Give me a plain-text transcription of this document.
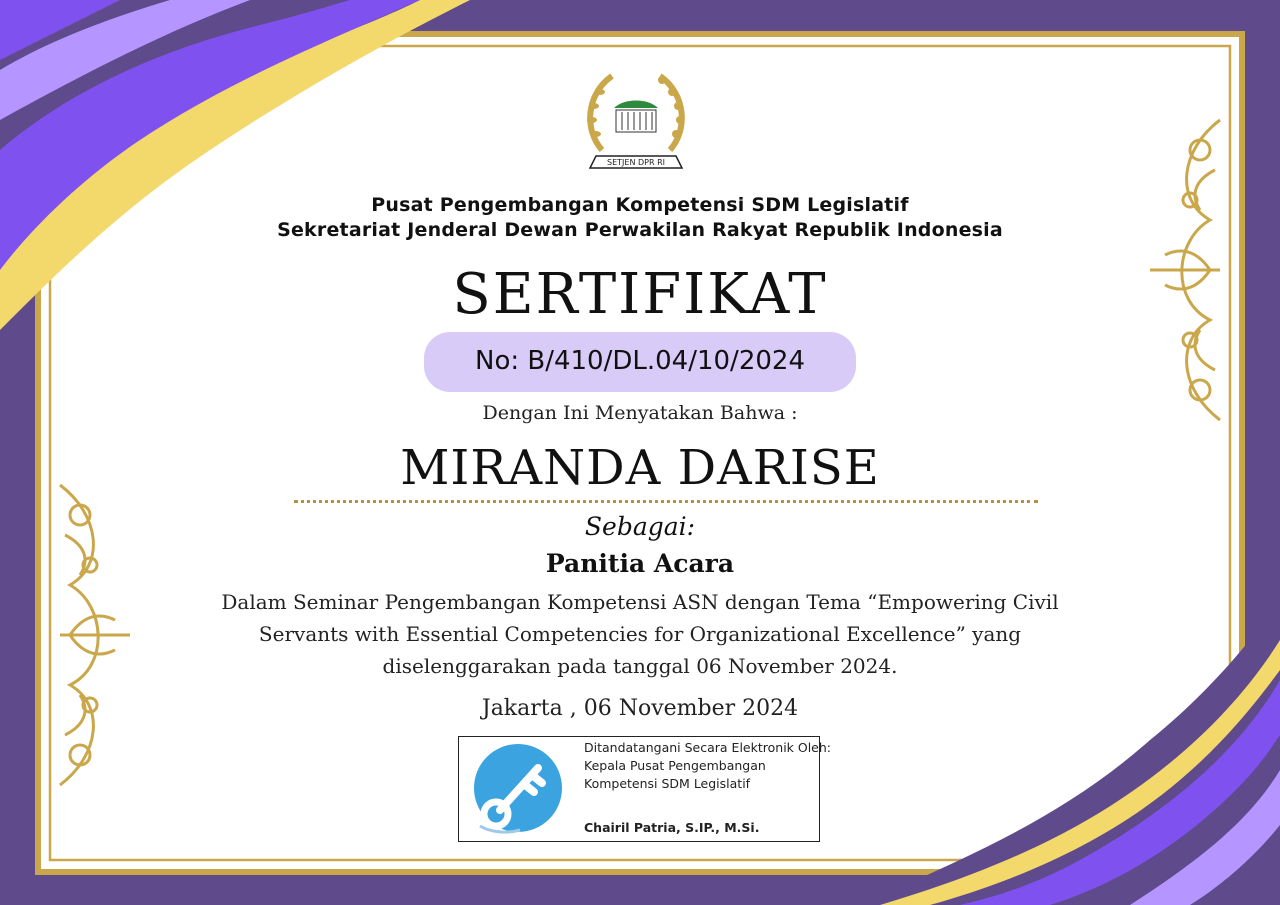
SETJEN DPR RI
Pusat Pengembangan Kompetensi SDM Legislatif
Sekretariat Jenderal Dewan Perwakilan Rakyat Republik Indonesia
SERTIFIKAT
No: B/410/DL.04/10/2024
Dengan Ini Menyatakan Bahwa :
MIRANDA DARISE
Sebagai:
Panitia Acara
Dalam Seminar Pengembangan Kompetensi ASN dengan Tema “Empowering Civil
Servants with Essential Competencies for Organizational Excellence” yang
diselenggarakan pada tanggal 06 November 2024.
Jakarta , 06 November 2024
Ditandatangani Secara Elektronik Oleh:
Kepala Pusat Pengembangan
Kompetensi SDM Legislatif
Chairil Patria, S.IP., M.Si.
